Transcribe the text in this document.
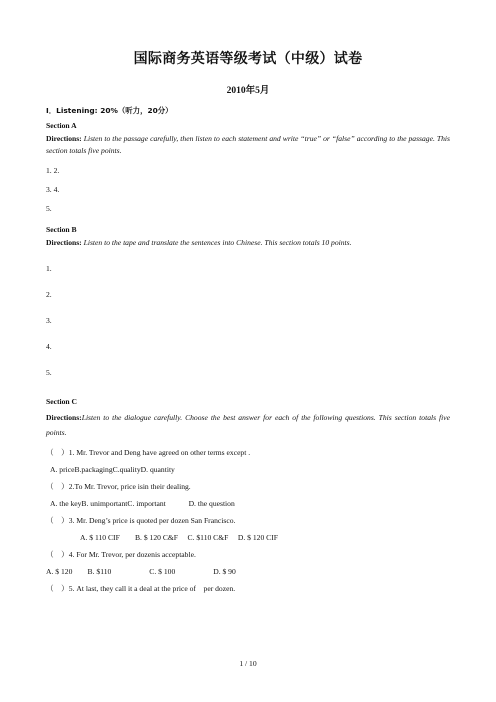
国际商务英语等级考试（中级）试卷
2010年5月
Ⅰ．Listening: 20%（听力，20分）
Section A
Directions: Listen to the passage carefully, then listen to each statement and write “true” or “false” according to the passage. This section totals five points.
1. 2.
3. 4.
5.
Section B
Directions: Listen to the tape and translate the sentences into Chinese. This section totals 10 points.
1.
2.
3.
4.
5.
Section C
Directions:Listen to the dialogue carefully. Choose the best answer for each of the following questions. This section totals five points.
（　）1. Mr. Trevor and Deng have agreed on other terms except .
A. priceB.packagingC.qualityD. quantity
（　）2.To Mr. Trevor, price isin their dealing.
A. the keyB. unimportantC. important　　　D. the question
（　）3. Mr. Deng’s price is quoted per dozen San Francisco.
A. $ 110 CIF　　B. $ 120 C&F　 C. $110 C&F　 D. $ 120 CIF
（　）4. For Mr. Trevor, per dozenis acceptable.
A. $ 120　　B. $110　　　　　C. $ 100　　　　　D. $ 90
（　）5. At last, they call it a deal at the price of　per dozen.
1 / 10
